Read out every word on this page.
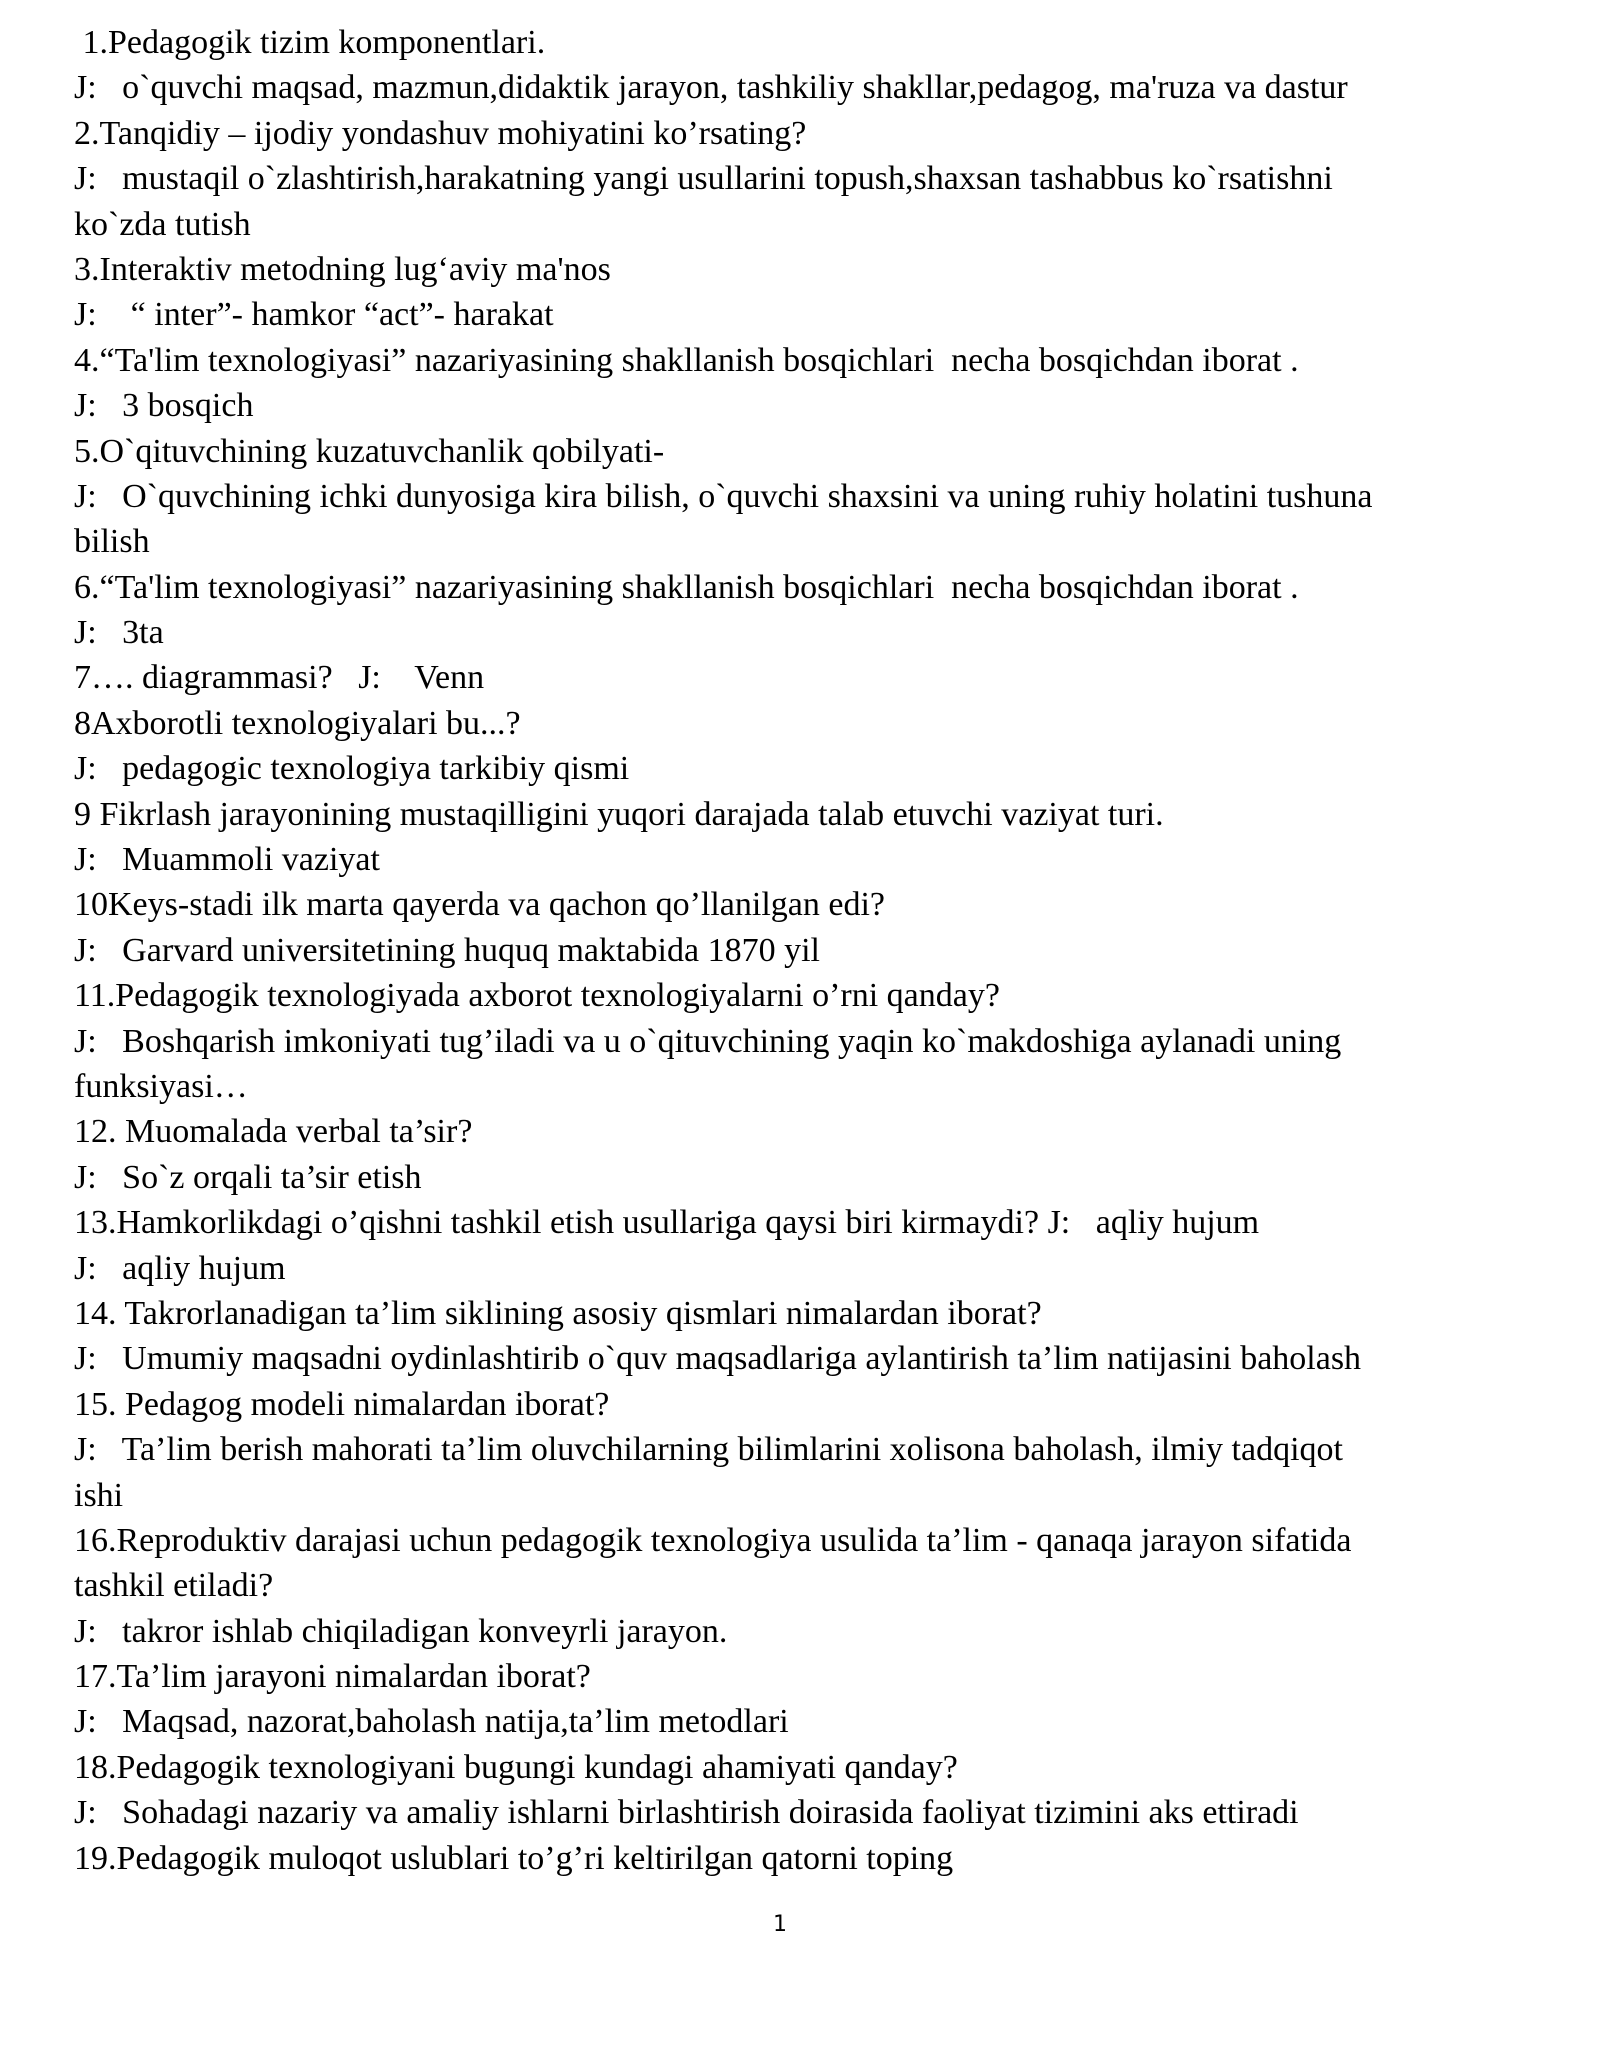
1.Pedagogik tizim komponentlari.
J:   o`quvchi maqsad, mazmun,didaktik jarayon, tashkiliy shakllar,pedagog, ma'ruza va dastur
2.Tanqidiy – ijodiy yondashuv mohiyatini ko’rsating?
J:   mustaqil o`zlashtirish,harakatning yangi usullarini topush,shaxsan tashabbus ko`rsatishni
ko`zda tutish
3.Interaktiv metodning lug‘aviy ma'nos
J:    “ inter”- hamkor “act”- harakat
4.“Ta'lim texnologiyasi” nazariyasining shakllanish bosqichlari  necha bosqichdan iborat .
J:   3 bosqich
5.O`qituvchining kuzatuvchanlik qobilyati-
J:   O`quvchining ichki dunyosiga kira bilish, o`quvchi shaxsini va uning ruhiy holatini tushuna
bilish
6.“Ta'lim texnologiyasi” nazariyasining shakllanish bosqichlari  necha bosqichdan iborat .
J:   3ta
7…. diagrammasi?   J:    Venn
8Axborotli texnologiyalari bu...?
J:   pedagogic texnologiya tarkibiy qismi
9 Fikrlash jarayonining mustaqilligini yuqori darajada talab etuvchi vaziyat turi.
J:   Muammoli vaziyat
10Keys-stadi ilk marta qayerda va qachon qo’llanilgan edi?
J:   Garvard universitetining huquq maktabida 1870 yil
11.Pedagogik texnologiyada axborot texnologiyalarni o’rni qanday?
J:   Boshqarish imkoniyati tug’iladi va u o`qituvchining yaqin ko`makdoshiga aylanadi uning
funksiyasi…
12. Muomalada verbal ta’sir?
J:   So`z orqali ta’sir etish
13.Hamkorlikdagi o’qishni tashkil etish usullariga qaysi biri kirmaydi? J:   aqliy hujum
J:   aqliy hujum
14. Takrorlanadigan ta’lim siklining asosiy qismlari nimalardan iborat?
J:   Umumiy maqsadni oydinlashtirib o`quv maqsadlariga aylantirish ta’lim natijasini baholash
15. Pedagog modeli nimalardan iborat?
J:   Ta’lim berish mahorati ta’lim oluvchilarning bilimlarini xolisona baholash, ilmiy tadqiqot
ishi
16.Reproduktiv darajasi uchun pedagogik texnologiya usulida ta’lim - qanaqa jarayon sifatida
tashkil etiladi?
J:   takror ishlab chiqiladigan konveyrli jarayon.
17.Ta’lim jarayoni nimalardan iborat?
J:   Maqsad, nazorat,baholash natija,ta’lim metodlari
18.Pedagogik texnologiyani bugungi kundagi ahamiyati qanday?
J:   Sohadagi nazariy va amaliy ishlarni birlashtirish doirasida faoliyat tizimini aks ettiradi
19.Pedagogik muloqot uslublari to’g’ri keltirilgan qatorni toping
1
